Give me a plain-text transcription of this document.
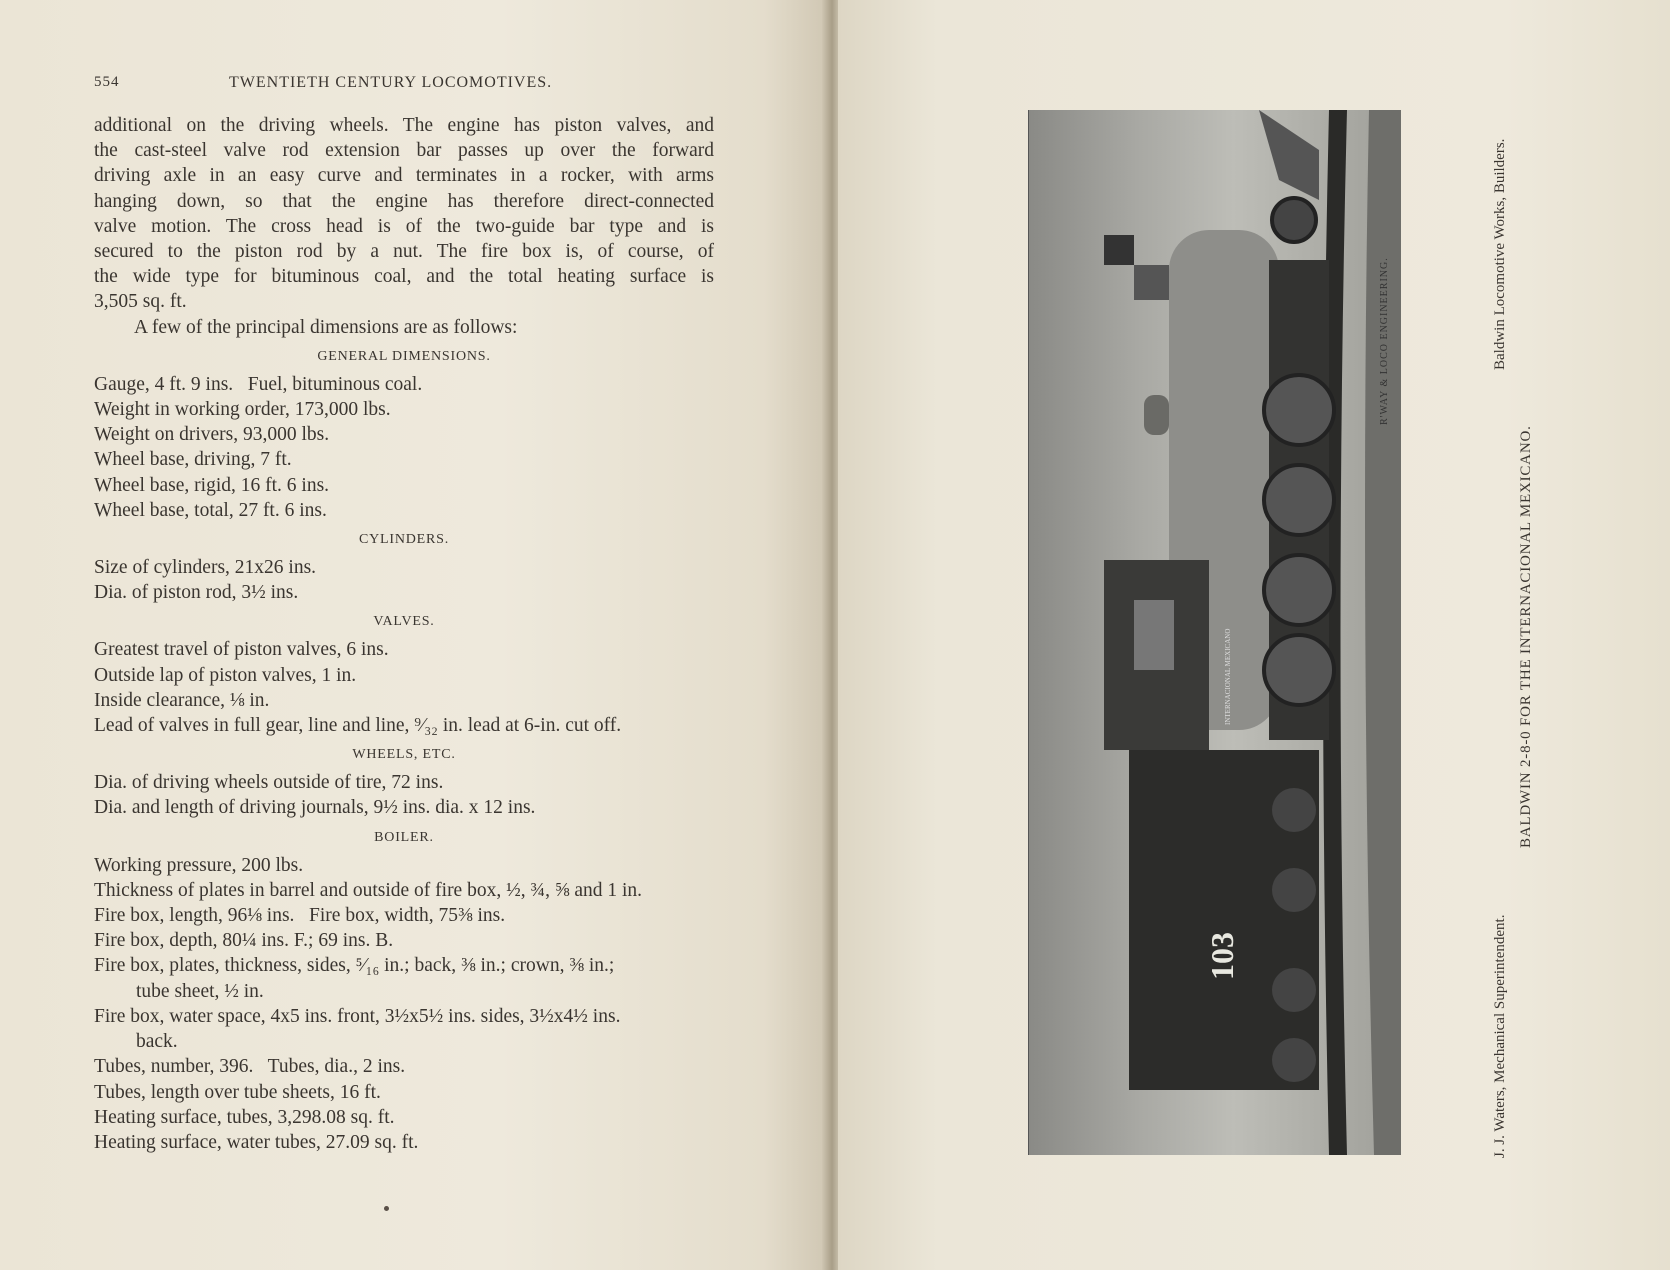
554	TWENTIETH CENTURY LOCOMOTIVES.
additional on the driving wheels. The engine has piston valves, and
the cast-steel valve rod extension bar passes up over the forward
driving axle in an easy curve and terminates in a rocker, with arms
hanging down, so that the engine has therefore direct-connected
valve motion. The cross head is of the two-guide bar type and is
secured to the piston rod by a nut. The fire box is, of course, of
the wide type for bituminous coal, and the total heating surface is
3,505 sq. ft.
A few of the principal dimensions are as follows:
GENERAL DIMENSIONS.
Gauge, 4 ft. 9 ins.   Fuel, bituminous coal.
Weight in working order, 173,000 lbs.
Weight on drivers, 93,000 lbs.
Wheel base, driving, 7 ft.
Wheel base, rigid, 16 ft. 6 ins.
Wheel base, total, 27 ft. 6 ins.
CYLINDERS.
Size of cylinders, 21x26 ins.
Dia. of piston rod, 3½ ins.
VALVES.
Greatest travel of piston valves, 6 ins.
Outside lap of piston valves, 1 in.
Inside clearance, ⅛ in.
Lead of valves in full gear, line and line, ⁹⁄₃₂ in. lead at 6-in. cut off.
WHEELS, ETC.
Dia. of driving wheels outside of tire, 72 ins.
Dia. and length of driving journals, 9½ ins. dia. x 12 ins.
BOILER.
Working pressure, 200 lbs.
Thickness of plates in barrel and outside of fire box, ½, ¾, ⅝ and 1 in.
Fire box, length, 96⅛ ins.   Fire box, width, 75⅜ ins.
Fire box, depth, 80¼ ins. F.; 69 ins. B.
Fire box, plates, thickness, sides, ⁵⁄₁₆ in.; back, ⅜ in.; crown, ⅜ in.;
tube sheet, ½ in.
Fire box, water space, 4x5 ins. front, 3½x5½ ins. sides, 3½x4½ ins.
back.
Tubes, number, 396.   Tubes, dia., 2 ins.
Tubes, length over tube sheets, 16 ft.
Heating surface, tubes, 3,298.08 sq. ft.
Heating surface, water tubes, 27.09 sq. ft.
103
INTERNACIONAL MEXICANO
R'WAY & LOCO ENGINEERING.
J. J. Waters, Mechanical Superintendent.
Baldwin Locomotive Works, Builders.
BALDWIN 2-8-0 FOR THE INTERNACIONAL MEXICANO.
